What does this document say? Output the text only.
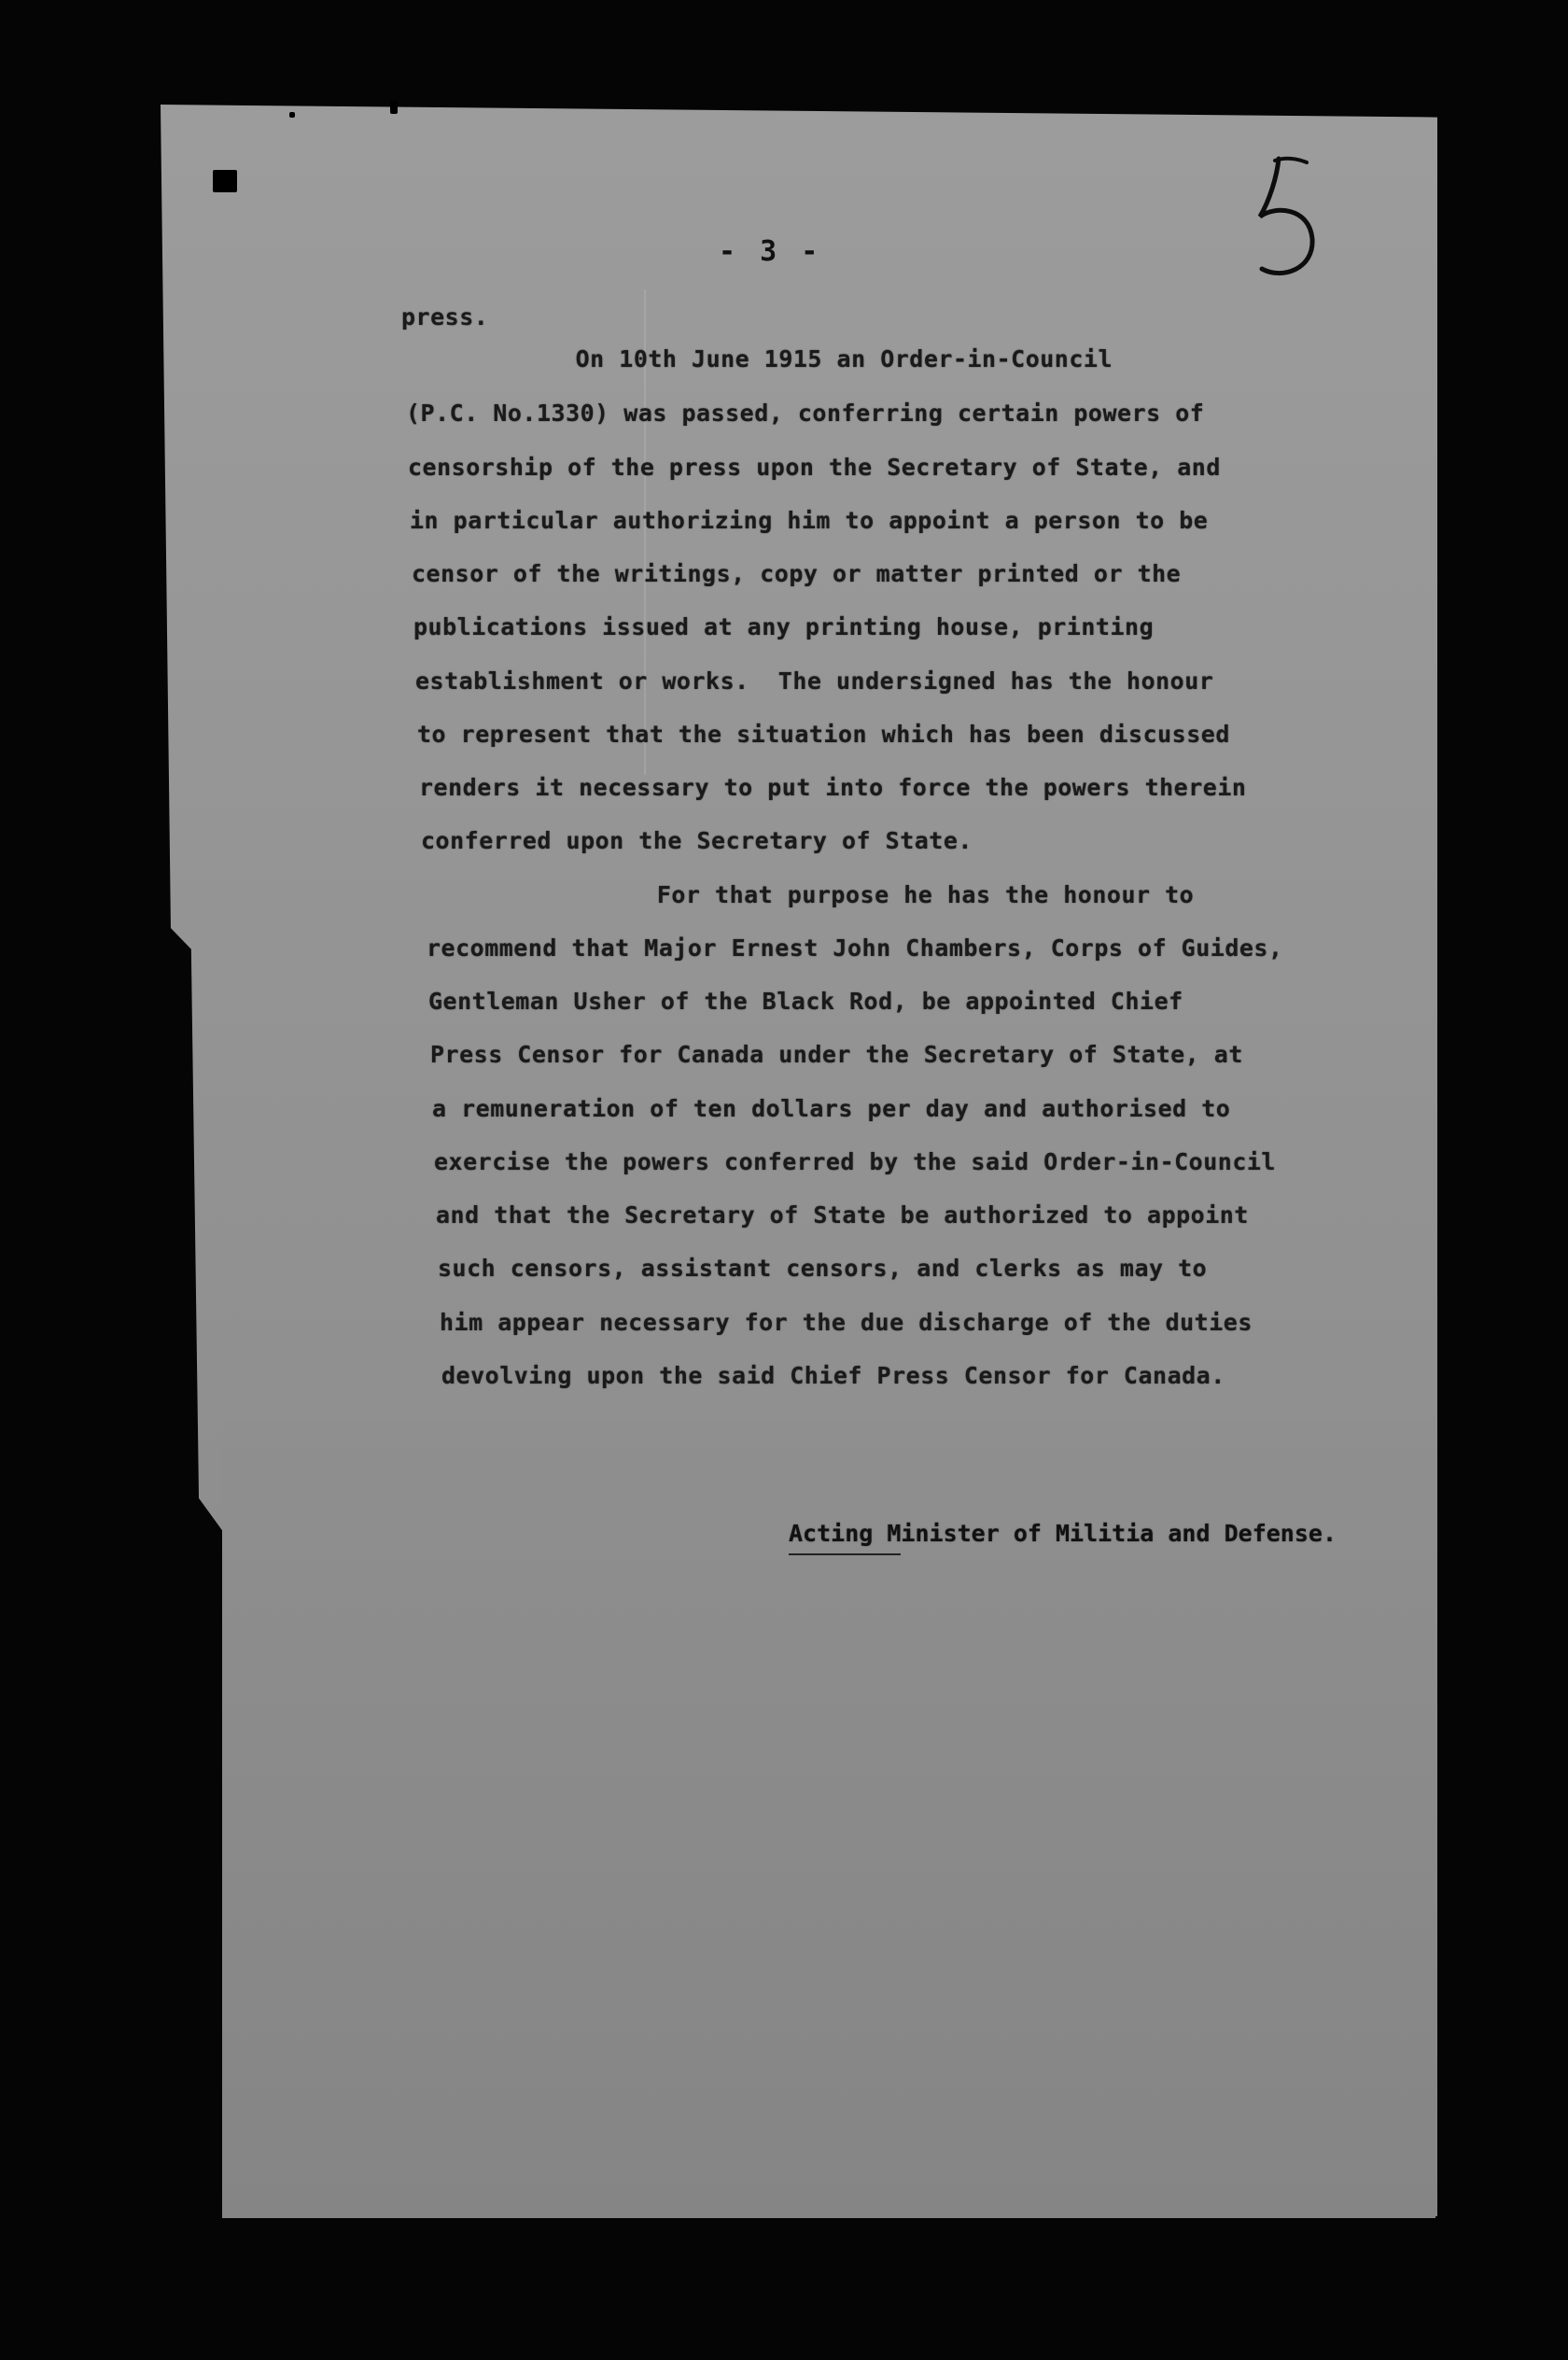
- 3 -
press.
On 10th June 1915 an Order-in-Council
(P.C. No.1330) was passed, conferring certain powers of
censorship of the press upon the Secretary of State, and
in particular authorizing him to appoint a person to be
censor of the writings, copy or matter printed or the
publications issued at any printing house, printing
establishment or works.  The undersigned has the honour
to represent that the situation which has been discussed
renders it necessary to put into force the powers therein
conferred upon the Secretary of State.
For that purpose he has the honour to
recommend that Major Ernest John Chambers, Corps of Guides,
Gentleman Usher of the Black Rod, be appointed Chief
Press Censor for Canada under the Secretary of State, at
a remuneration of ten dollars per day and authorised to
exercise the powers conferred by the said Order-in-Council
and that the Secretary of State be authorized to appoint
such censors, assistant censors, and clerks as may to
him appear necessary for the due discharge of the duties
devolving upon the said Chief Press Censor for Canada.
Acting Minister of Militia and Defense.
